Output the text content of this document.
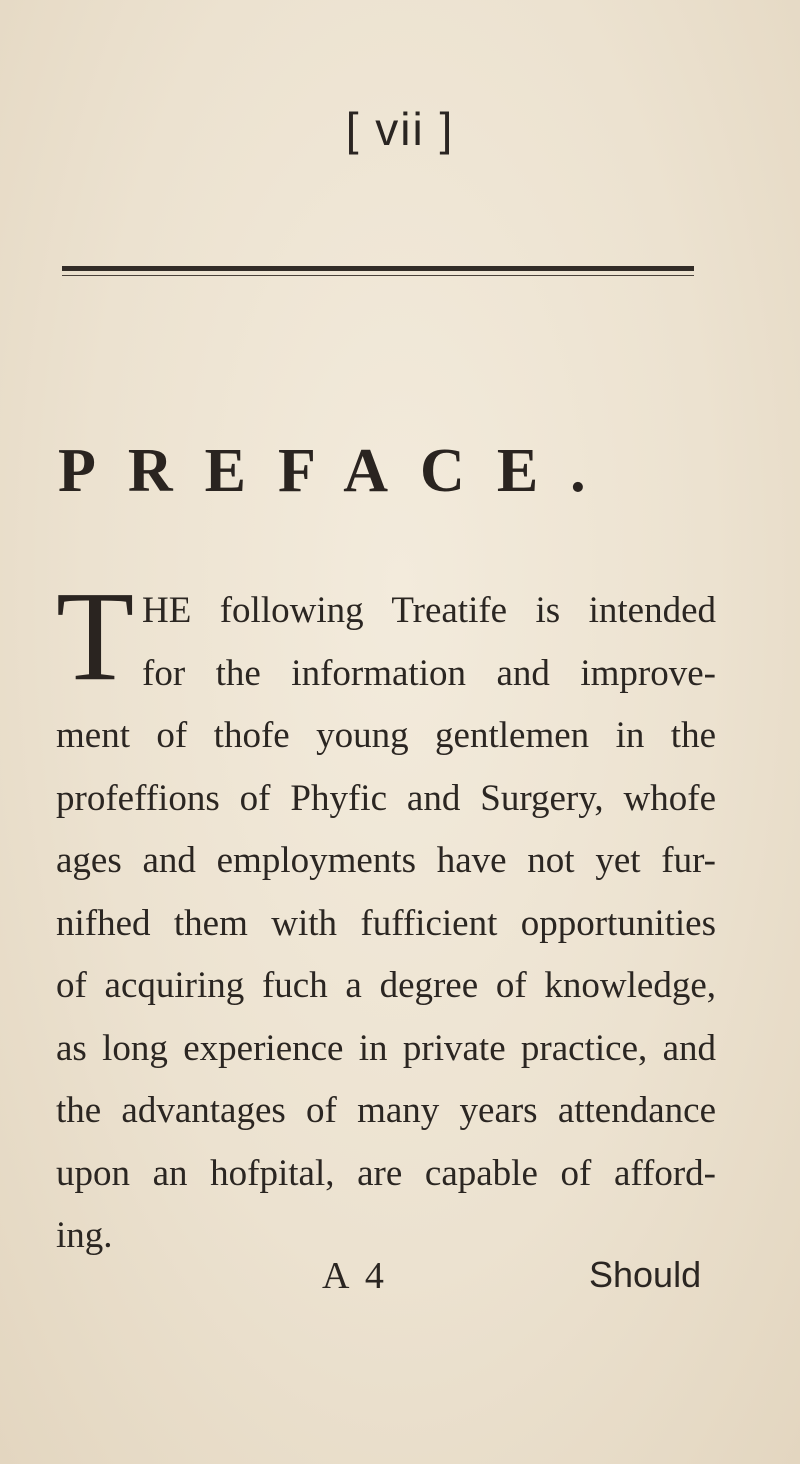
[ vii ]
PREFACE.
T HE following Treatife is intended
for the information and improve-
ment of thofe young gentlemen in the
profeffions of Phyfic and Surgery, whofe
ages and employments have not yet fur-
nifhed them with fufficient opportunities
of acquiring fuch a degree of knowledge,
as long experience in private practice, and
the advantages of many years attendance
upon an hofpital, are capable of afford-
ing.
A 4	Should
